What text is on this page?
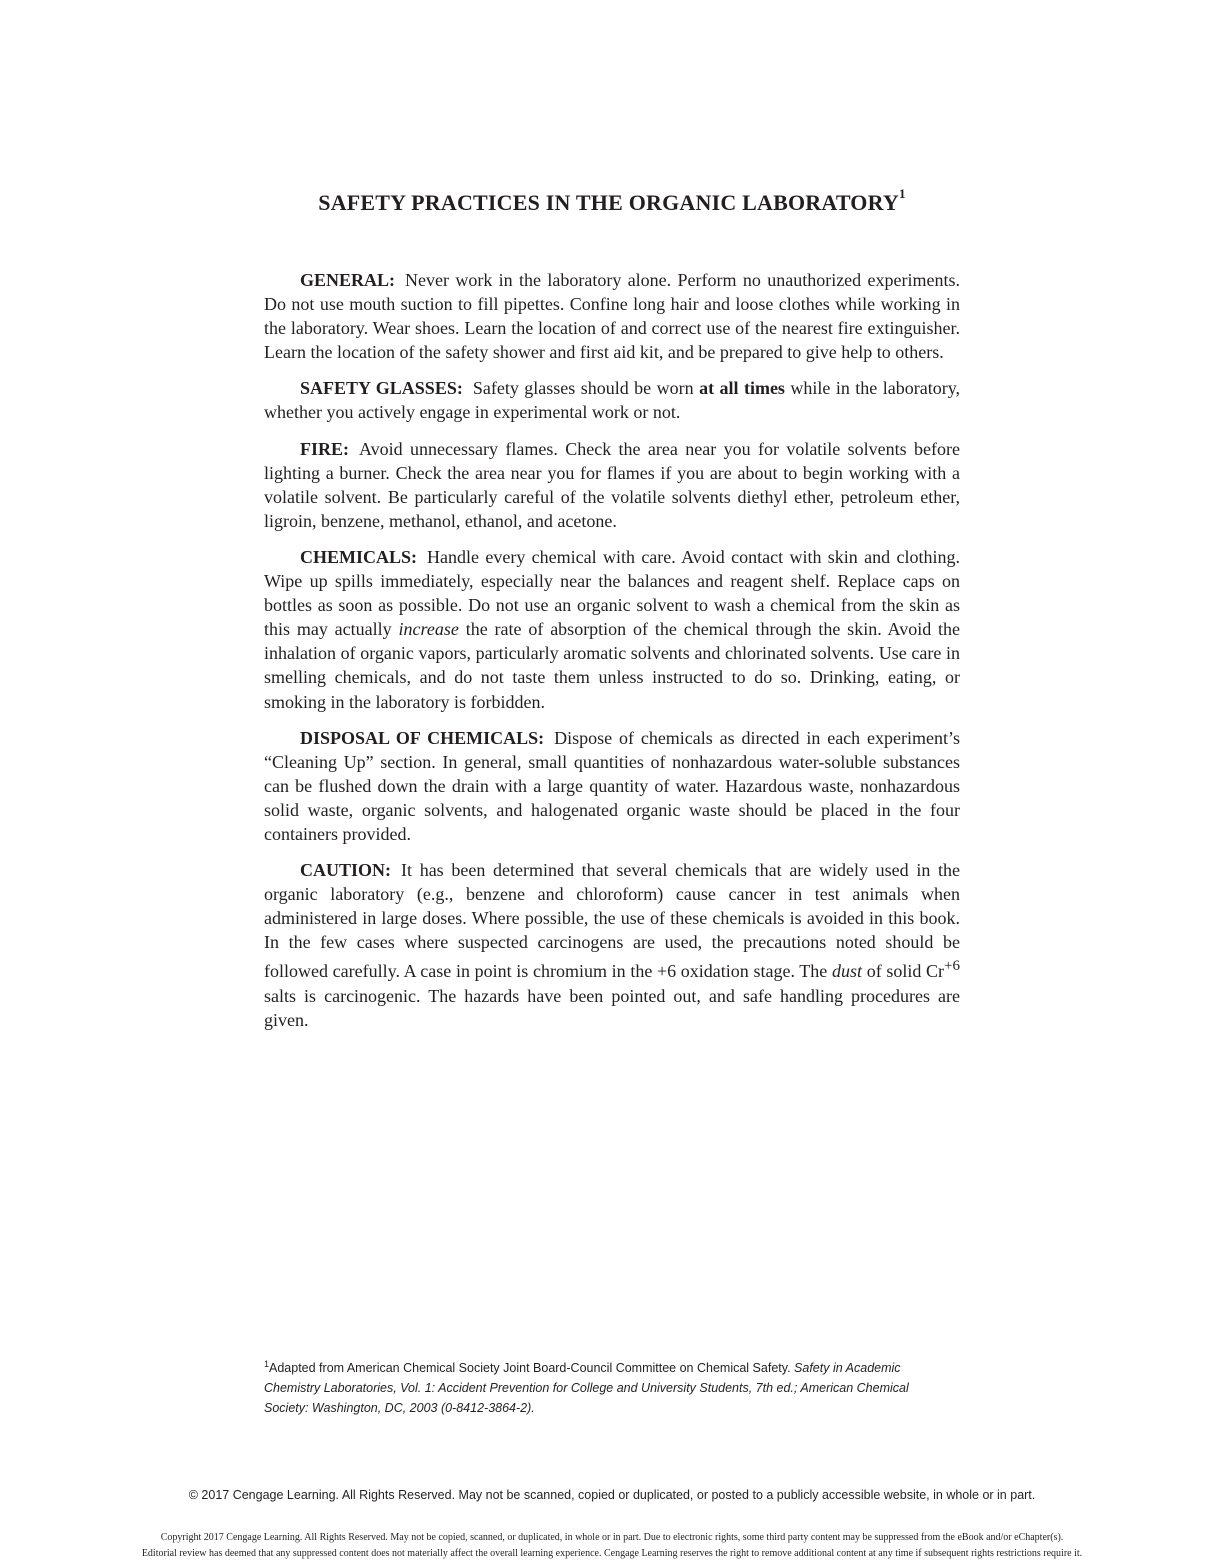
SAFETY PRACTICES IN THE ORGANIC LABORATORY$^1$

GENERAL: Never work in the laboratory alone. Perform no unauthorized experiments. Do not use mouth suction to fill pipettes. Confine long hair and loose clothes while working in the laboratory. Wear shoes. Learn the location of and correct use of the nearest fire extinguisher. Learn the location of the safety shower and first aid kit, and be prepared to give help to others.

SAFETY GLASSES: Safety glasses should be worn at all times while in the laboratory, whether you actively engage in experimental work or not.

FIRE: Avoid unnecessary flames. Check the area near you for volatile solvents before lighting a burner. Check the area near you for flames if you are about to begin working with a volatile solvent. Be particularly careful of the volatile solvents diethyl ether, petroleum ether, ligroin, benzene, methanol, ethanol, and acetone.

CHEMICALS: Handle every chemical with care. Avoid contact with skin and clothing. Wipe up spills immediately, especially near the balances and reagent shelf. Replace caps on bottles as soon as possible. Do not use an organic solvent to wash a chemical from the skin as this may actually increase the rate of absorption of the chemical through the skin. Avoid the inhalation of organic vapors, particularly aromatic solvents and chlorinated solvents. Use care in smelling chemicals, and do not taste them unless instructed to do so. Drinking, eating, or smoking in the laboratory is forbidden.

DISPOSAL OF CHEMICALS: Dispose of chemicals as directed in each experiment’s “Cleaning Up” section. In general, small quantities of nonhazardous water-soluble substances can be flushed down the drain with a large quantity of water. Hazardous waste, nonhazardous solid waste, organic solvents, and halogenated organic waste should be placed in the four containers provided.

CAUTION: It has been determined that several chemicals that are widely used in the organic laboratory (e.g., benzene and chloroform) cause cancer in test animals when administered in large doses. Where possible, the use of these chemicals is avoided in this book. In the few cases where suspected carcinogens are used, the precautions noted should be followed carefully. A case in point is chromium in the +6 oxidation stage. The dust of solid $Cr^{+6}$ salts is carcinogenic. The hazards have been pointed out, and safe handling procedures are given.

$^1$Adapted from American Chemical Society Joint Board-Council Committee on Chemical Safety. Safety in Academic Chemistry Laboratories, Vol. 1: Accident Prevention for College and University Students, 7th ed.; American Chemical Society: Washington, DC, 2003 (0-8412-3864-2).

© 2017 Cengage Learning. All Rights Reserved. May not be scanned, copied or duplicated, or posted to a publicly accessible website, in whole or in part.

Copyright 2017 Cengage Learning. All Rights Reserved. May not be copied, scanned, or duplicated, in whole or in part. Due to electronic rights, some third party content may be suppressed from the eBook and/or eChapter(s).
Editorial review has deemed that any suppressed content does not materially affect the overall learning experience. Cengage Learning reserves the right to remove additional content at any time if subsequent rights restrictions require it.
